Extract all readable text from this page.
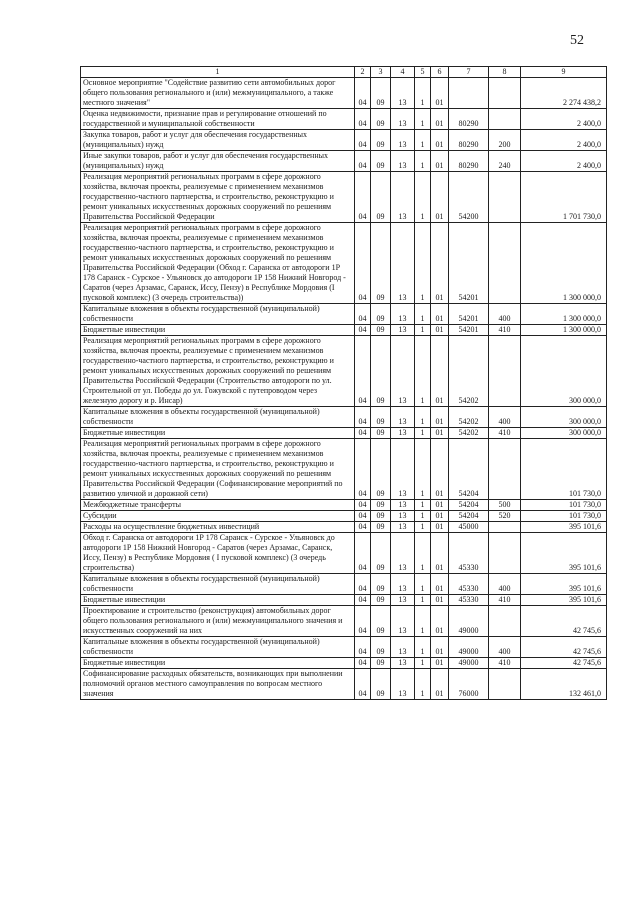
52
1	2	3	4	5	6	7	8	9
Основное мероприятие "Содействие развитию сети автомобильных дорог общего пользования регионального и (или) межмуниципального, а также местного значения"	04	09	13	1	01			2 274 438,2
Оценка недвижимости, признание прав и регулирование отношений по государственной и муниципальной собственности	04	09	13	1	01	80290		2 400,0
Закупка товаров, работ и услуг для обеспечения государственных (муниципальных) нужд	04	09	13	1	01	80290	200	2 400,0
Иные закупки товаров, работ и услуг для обеспечения государственных (муниципальных) нужд	04	09	13	1	01	80290	240	2 400,0
Реализация мероприятий региональных программ в сфере дорожного хозяйства, включая проекты, реализуемые с применением механизмов государственно-частного партнерства, и строительство, реконструкцию и ремонт уникальных искусственных дорожных сооружений по решениям Правительства Российской Федерации	04	09	13	1	01	54200		1 701 730,0
Реализация мероприятий региональных программ в сфере дорожного хозяйства, включая проекты, реализуемые с применением механизмов государственно-частного партнерства, и строительство, реконструкцию и ремонт уникальных искусственных дорожных сооружений по решениям Правительства Российской Федерации (Обход г. Саранска от автодороги 1Р 178 Саранск - Сурское - Ульяновск до автодороги 1Р 158 Нижний Новгород - Саратов (через Арзамас, Саранск, Исcу, Пензу) в Республике Мордовия (I пусковой комплекс) (3 очередь строительства))	04	09	13	1	01	54201		1 300 000,0
Капитальные вложения в объекты государственной (муниципальной) собственности	04	09	13	1	01	54201	400	1 300 000,0
Бюджетные инвестиции	04	09	13	1	01	54201	410	1 300 000,0
Реализация мероприятий региональных программ в сфере дорожного хозяйства, включая проекты, реализуемые с применением механизмов государственно-частного партнерства, и строительство, реконструкцию и ремонт уникальных искусственных дорожных сооружений по решениям Правительства Российской Федерации (Строительство автодороги по ул. Строительной от ул. Победы до ул. Гожувской с путепроводом через железную дорогу и р. Инсар)	04	09	13	1	01	54202		300 000,0
Капитальные вложения в объекты государственной (муниципальной) собственности	04	09	13	1	01	54202	400	300 000,0
Бюджетные инвестиции	04	09	13	1	01	54202	410	300 000,0
Реализация мероприятий региональных программ в сфере дорожного хозяйства, включая проекты, реализуемые с применением механизмов государственно-частного партнерства, и строительство, реконструкцию и ремонт уникальных искусственных дорожных сооружений по решениям Правительства Российской Федерации (Софинансирование мероприятий по развитию уличной и дорожной сети)	04	09	13	1	01	54204		101 730,0
Межбюджетные трансферты	04	09	13	1	01	54204	500	101 730,0
Субсидии	04	09	13	1	01	54204	520	101 730,0
Расходы на осуществление бюджетных инвестиций	04	09	13	1	01	45000		395 101,6
Обход г. Саранска от автодороги 1Р 178 Саранск - Сурское - Ульяновск до автодороги 1Р 158 Нижний Новгород - Саратов (через Арзамас, Саранск, Исcу, Пензу) в Республике Мордовия ( I пусковой комплекс) (3 очередь строительства)	04	09	13	1	01	45330		395 101,6
Капитальные вложения в объекты государственной (муниципальной) собственности	04	09	13	1	01	45330	400	395 101,6
Бюджетные инвестиции	04	09	13	1	01	45330	410	395 101,6
Проектирование и строительство (реконструкция) автомобильных дорог общего пользования регионального и (или) межмуниципального значения и искусственных сооружений на них	04	09	13	1	01	49000		42 745,6
Капитальные вложения в объекты государственной (муниципальной) собственности	04	09	13	1	01	49000	400	42 745,6
Бюджетные инвестиции	04	09	13	1	01	49000	410	42 745,6
Софинансирование расходных обязательств, возникающих при выполнении полномочий органов местного самоуправления по вопросам местного значения	04	09	13	1	01	76000		132 461,0
